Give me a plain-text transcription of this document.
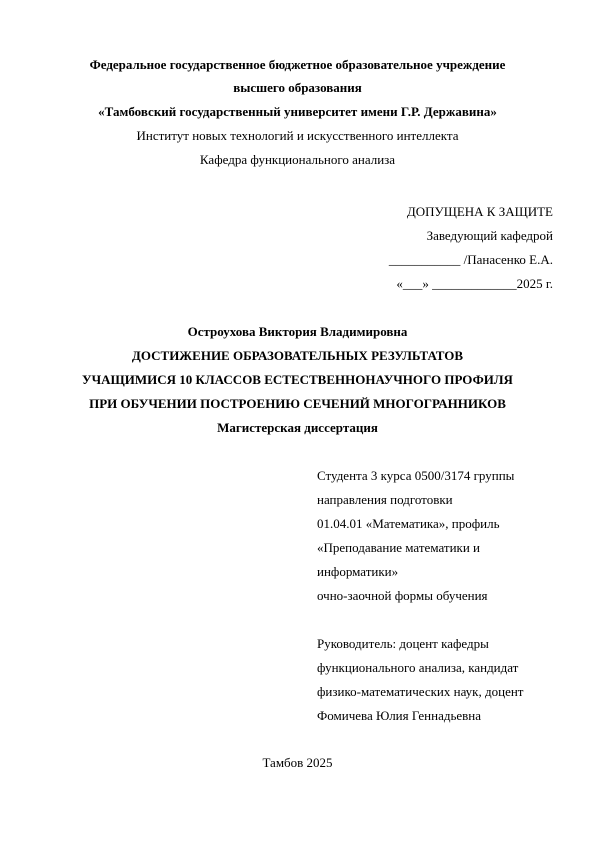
Федеральное государственное бюджетное образовательное учреждение
высшего образования
«Тамбовский государственный университет имени Г.Р. Державина»
Институт новых технологий и искусственного интеллекта
Кафедра функционального анализа
ДОПУЩЕНА К ЗАЩИТЕ
Заведующий кафедрой
___________ /Панасенко Е.А.
«___» _____________2025 г.
Остроухова Виктория Владимировна
ДОСТИЖЕНИЕ ОБРАЗОВАТЕЛЬНЫХ РЕЗУЛЬТАТОВ
УЧАЩИМИСЯ 10 КЛАССОВ ЕСТЕСТВЕННОНАУЧНОГО ПРОФИЛЯ
ПРИ ОБУЧЕНИИ ПОСТРОЕНИЮ СЕЧЕНИЙ МНОГОГРАННИКОВ
Магистерская диссертация
Студента 3 курса 0500/3174 группы
направления подготовки
01.04.01 «Математика», профиль
«Преподавание математики и
информатики»
очно-заочной формы обучения
Руководитель: доцент кафедры
функционального анализа, кандидат
физико-математических наук, доцент
Фомичева Юлия Геннадьевна
Тамбов 2025
